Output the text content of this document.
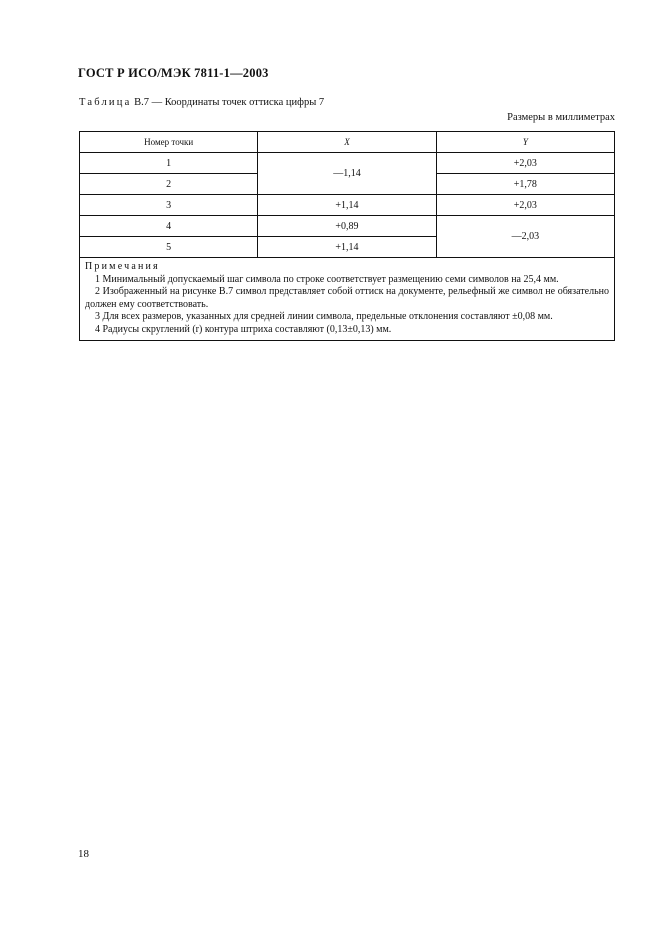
ГОСТ Р ИСО/МЭК 7811-1—2003
Таблица В.7 — Координаты точек оттиска цифры 7
Размеры в миллиметрах
Номер точки	X	Y
1	—1,14	+2,03
2		+1,78
3	+1,14	+2,03
4	+0,89	—2,03
5	+1,14	

Примечания

1 Минимальный допускаемый шаг символа по строке соответствует размещению семи символов на 25,4 мм.

2 Изображенный на рисунке В.7 символ представляет собой оттиск на документе, рельефный же символ не обязательно должен ему соответствовать.

3 Для всех размеров, указанных для средней линии символа, предельные отклонения составляют ±0,08 мм.

4 Радиусы скруглений (r) контура штриха составляют (0,13±0,13) мм.		

18
